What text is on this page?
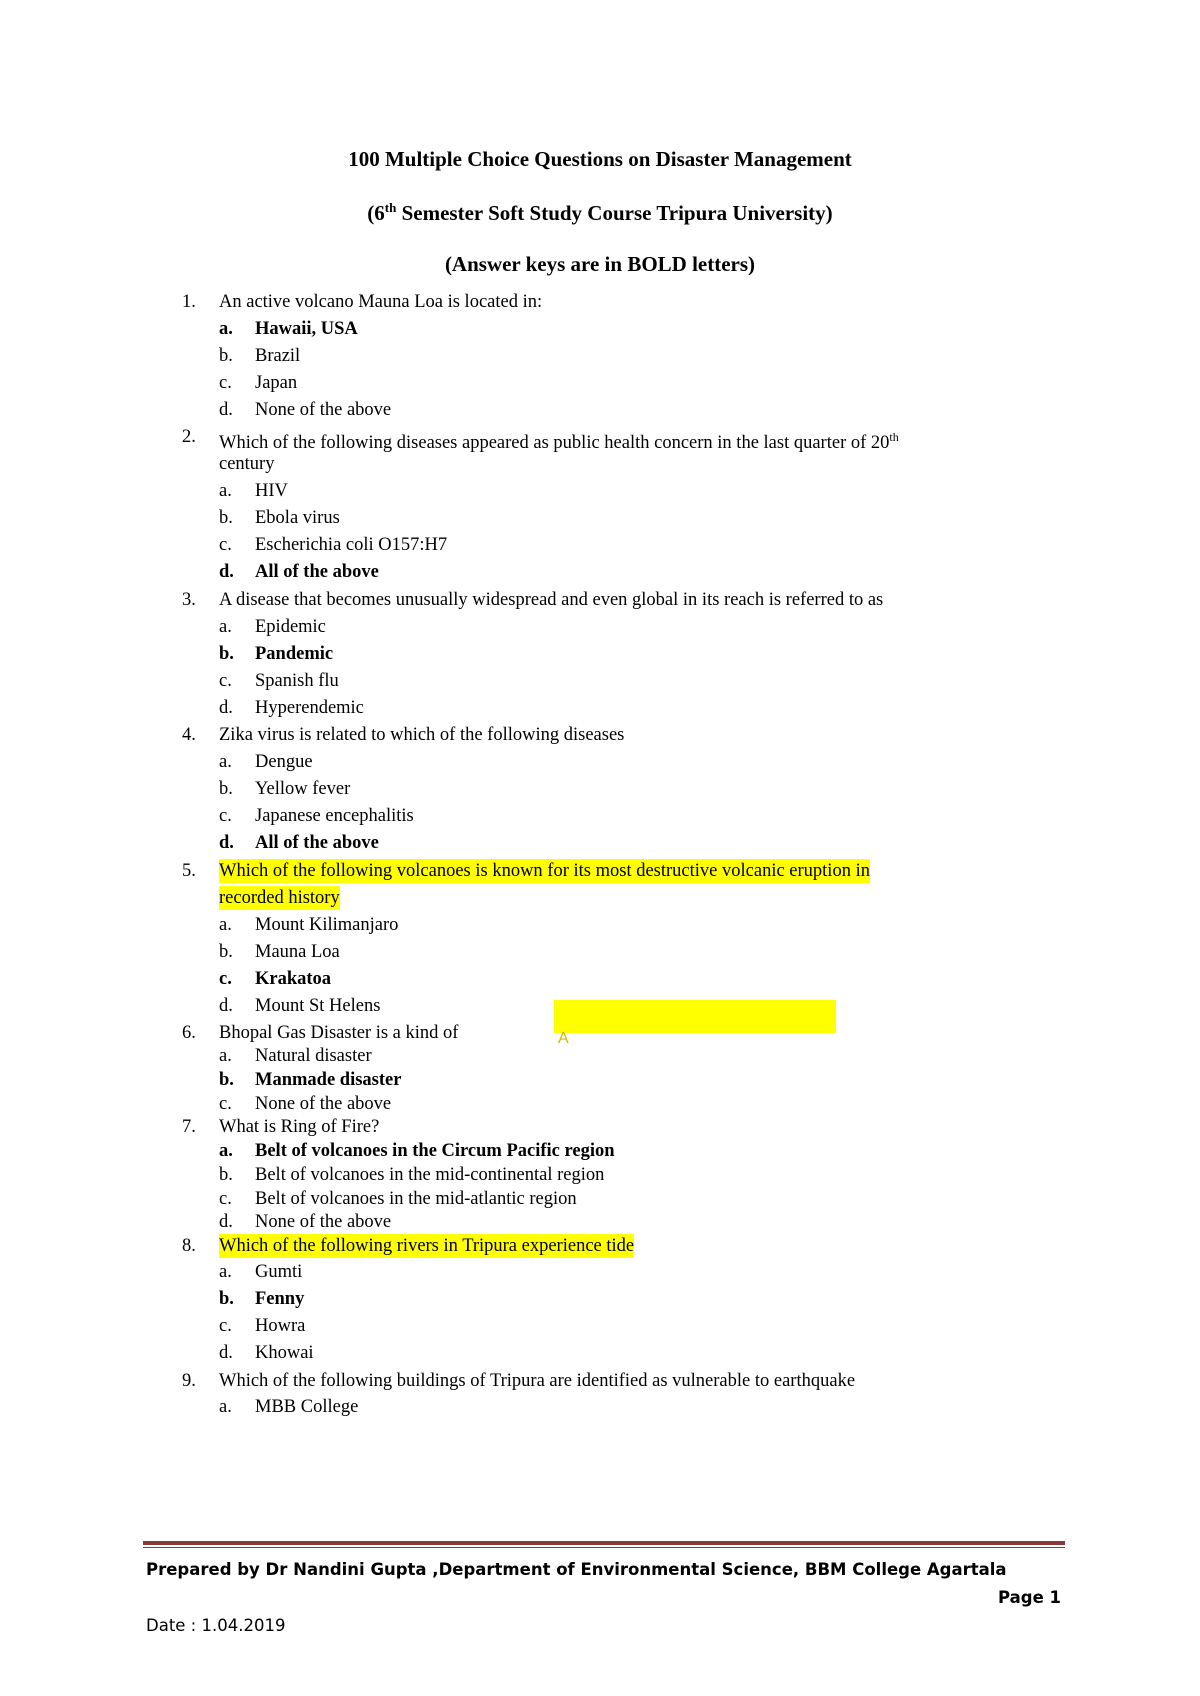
100 Multiple Choice Questions on Disaster Management
(6th Semester Soft Study Course Tripura University)
(Answer keys are in BOLD letters)
1. An active volcano Mauna Loa is located in:
a. Hawaii, USA
b. Brazil
c. Japan
d. None of the above
2. Which of the following diseases appeared as public health concern in the last quarter of 20th
century
a. HIV
b. Ebola virus
c. Escherichia coli O157:H7
d. All of the above
3. A disease that becomes unusually widespread and even global in its reach is referred to as
a. Epidemic
b. Pandemic
c. Spanish flu
d. Hyperendemic
4. Zika virus is related to which of the following diseases
a. Dengue
b. Yellow fever
c. Japanese encephalitis
d. All of the above
5. Which of the following volcanoes is known for its most destructive volcanic eruption in
recorded history
a. Mount Kilimanjaro
b. Mauna Loa
c. Krakatoa
d. Mount St Helens
6. Bhopal Gas Disaster is a kind of
a. Natural disaster
b. Manmade disaster
c. None of the above
7. What is Ring of Fire?
a. Belt of volcanoes in the Circum Pacific region
b. Belt of volcanoes in the mid-continental region
c. Belt of volcanoes in the mid-atlantic region
d. None of the above
8. Which of the following rivers in Tripura experience tide
a. Gumti
b. Fenny
c. Howra
d. Khowai
9. Which of the following buildings of Tripura are identified as vulnerable to earthquake
a. MBB College
A
Prepared by Dr Nandini Gupta ,Department of Environmental Science, BBM College Agartala
Page 1
Date : 1.04.2019
